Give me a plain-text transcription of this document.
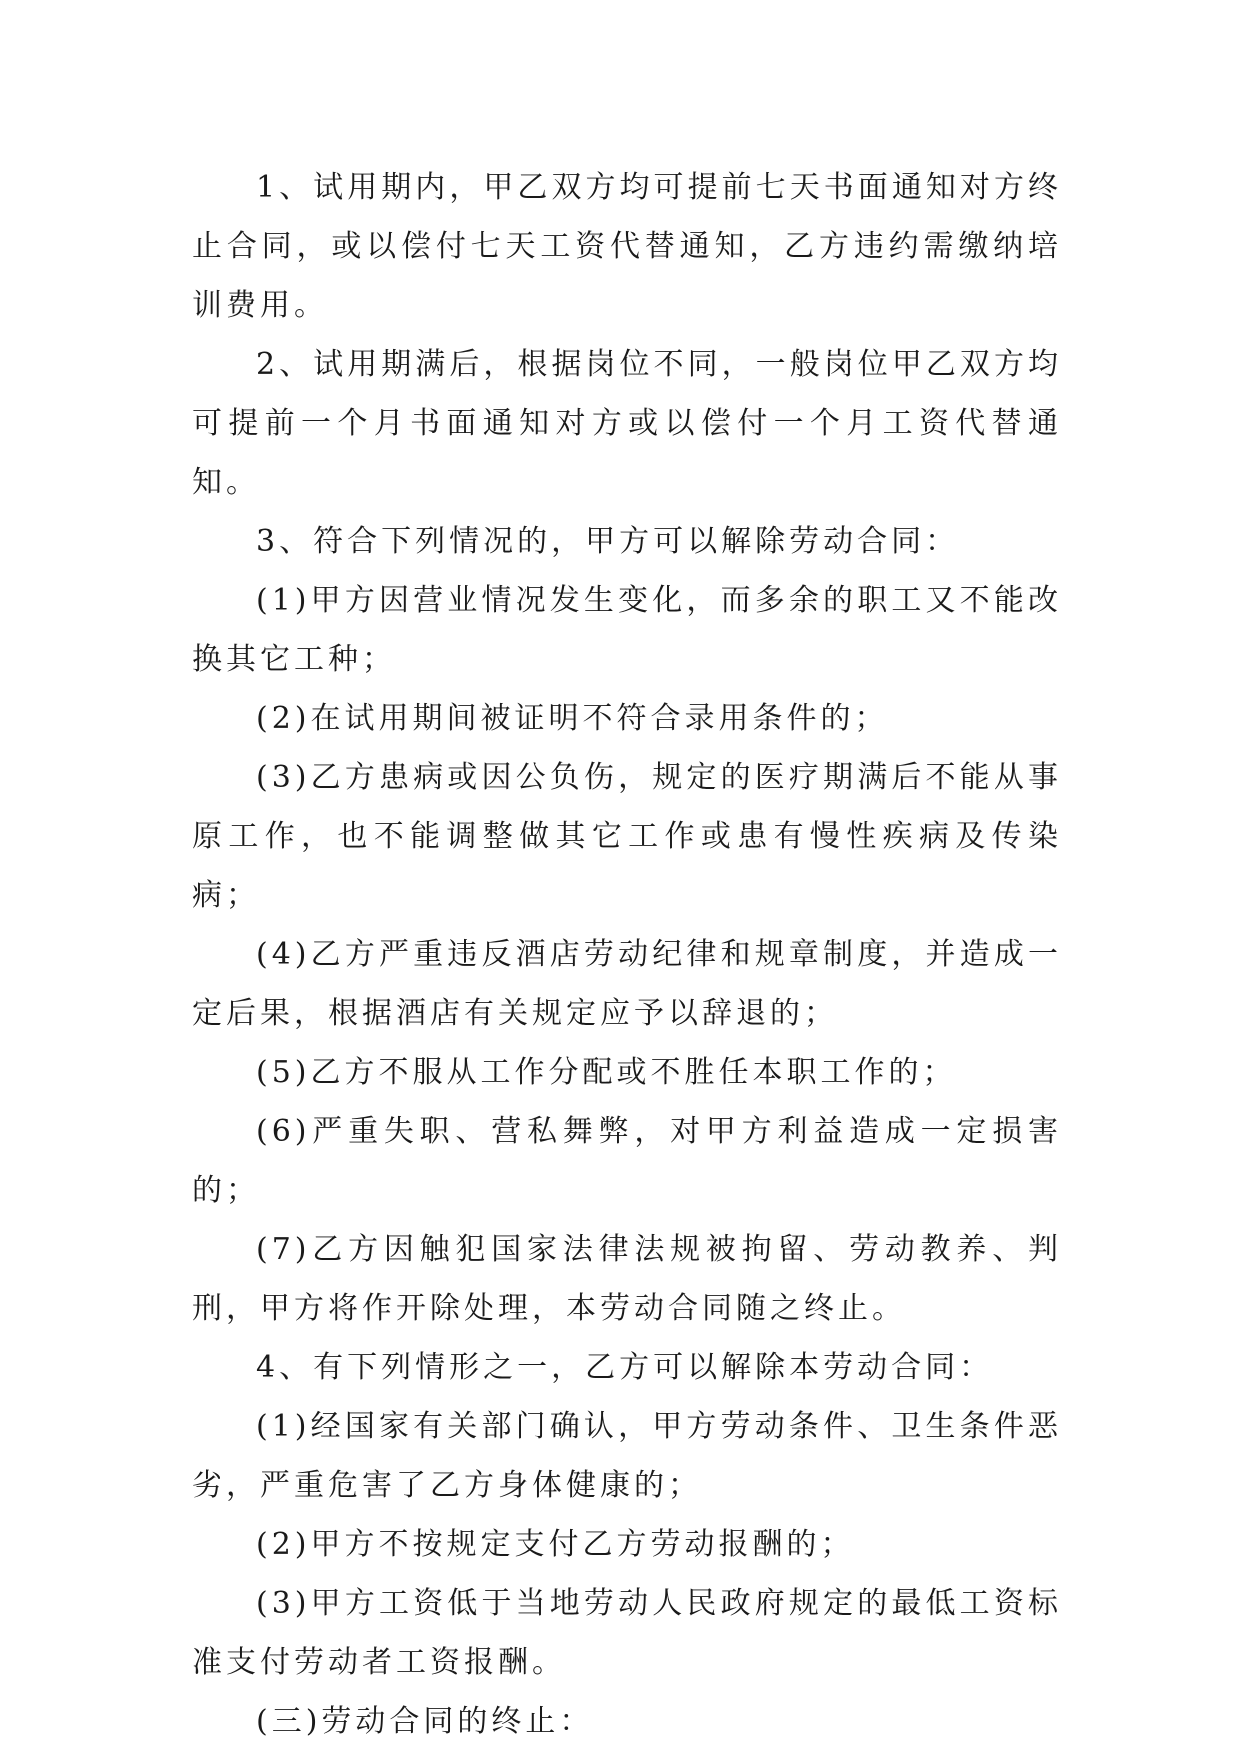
1、试用期内，甲乙双方均可提前七天书面通知对方终止合同，或以偿付七天工资代替通知，乙方违约需缴纳培训费用。

2、试用期满后，根据岗位不同，一般岗位甲乙双方均可提前一个月书面通知对方或以偿付一个月工资代替通知。

3、符合下列情况的，甲方可以解除劳动合同：

(1)甲方因营业情况发生变化，而多余的职工又不能改换其它工种；

(2)在试用期间被证明不符合录用条件的；

(3)乙方患病或因公负伤，规定的医疗期满后不能从事原工作，也不能调整做其它工作或患有慢性疾病及传染病；

(4)乙方严重违反酒店劳动纪律和规章制度，并造成一定后果，根据酒店有关规定应予以辞退的；

(5)乙方不服从工作分配或不胜任本职工作的；

(6)严重失职、营私舞弊，对甲方利益造成一定损害的；

(7)乙方因触犯国家法律法规被拘留、劳动教养、判刑，甲方将作开除处理，本劳动合同随之终止。

4、有下列情形之一，乙方可以解除本劳动合同：

(1)经国家有关部门确认，甲方劳动条件、卫生条件恶劣，严重危害了乙方身体健康的；

(2)甲方不按规定支付乙方劳动报酬的；

(3)甲方工资低于当地劳动人民政府规定的最低工资标准支付劳动者工资报酬。

(三)劳动合同的终止：
